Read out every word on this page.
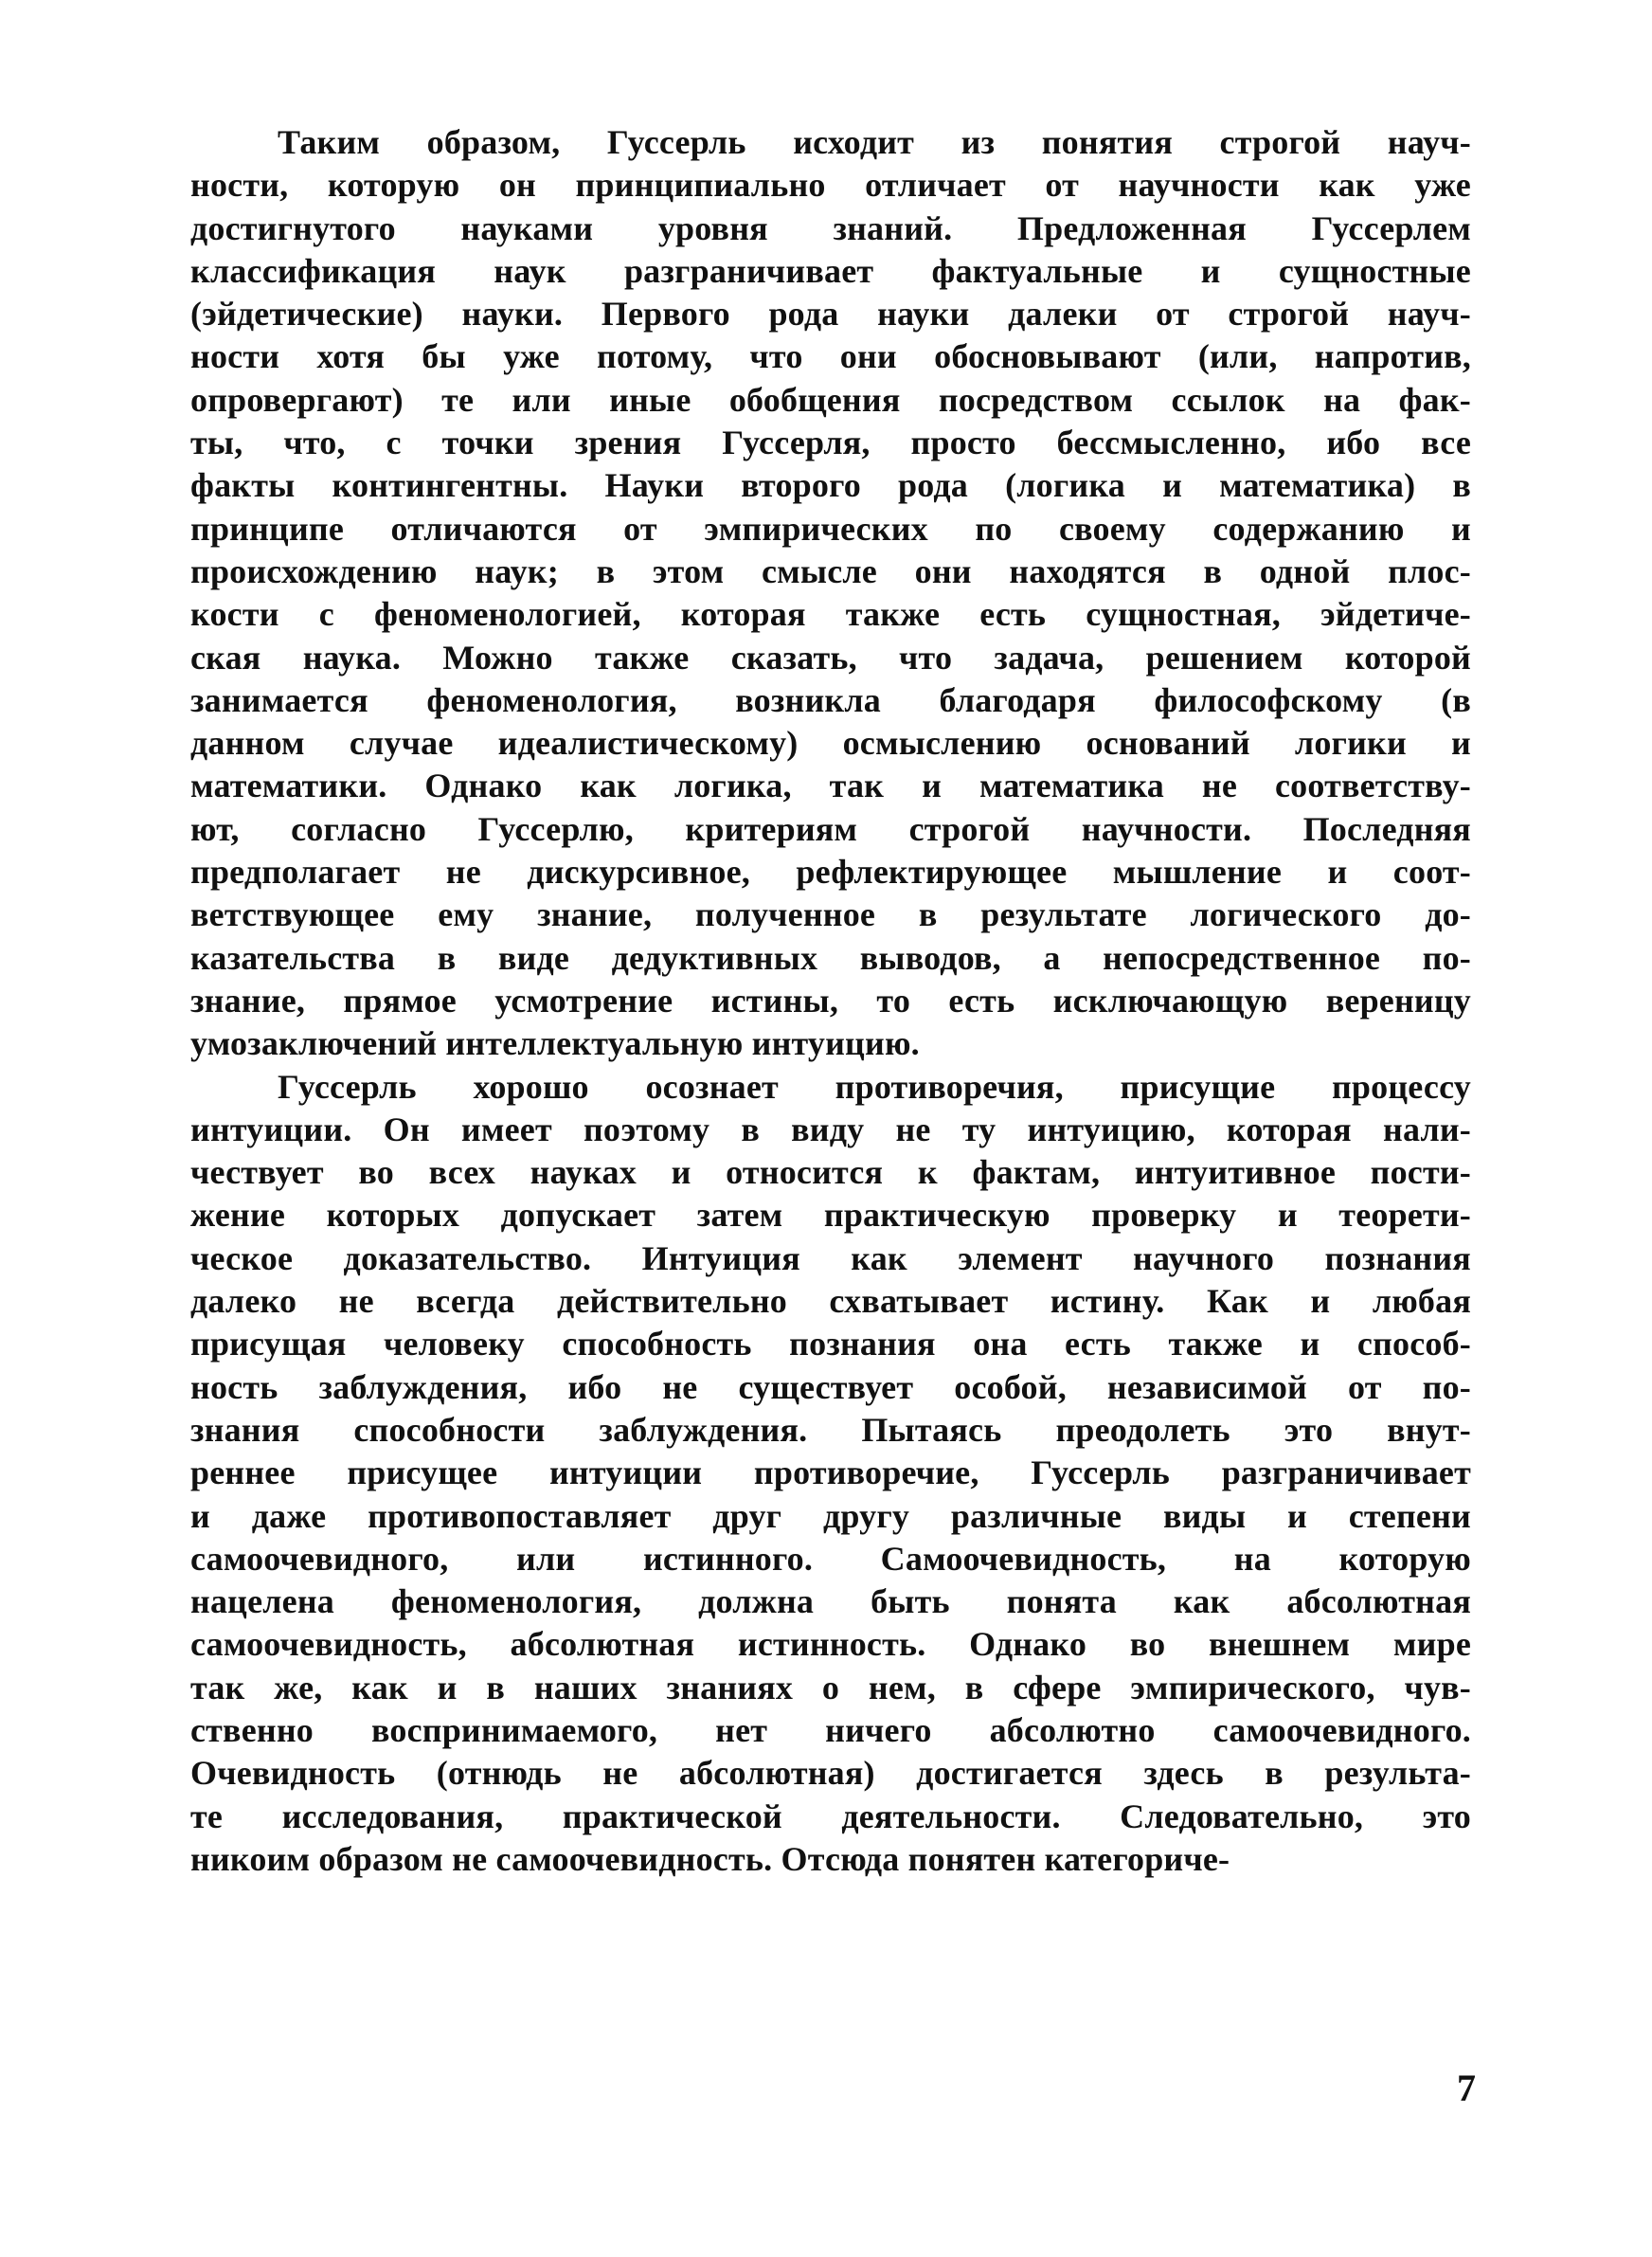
Таким образом, Гуссерль исходит из понятия строгой науч-
ности, которую он принципиально отличает от научности как уже
достигнутого науками уровня знаний. Предложенная Гуссерлем
классификация наук разграничивает фактуальные и сущностные
(эйдетические) науки. Первого рода науки далеки от строгой науч-
ности хотя бы уже потому, что они обосновывают (или, напротив,
опровергают) те или иные обобщения посредством ссылок на фак-
ты, что, с точки зрения Гуссерля, просто бессмысленно, ибо все
факты контингентны. Науки второго рода (логика и математика) в
принципе отличаются от эмпирических по своему содержанию и
происхождению наук; в этом смысле они находятся в одной плос-
кости с феноменологией, которая также есть сущностная, эйдетиче-
ская наука. Можно также сказать, что задача, решением которой
занимается феноменология, возникла благодаря философскому (в
данном случае идеалистическому) осмыслению оснований логики и
математики. Однако как логика, так и математика не соответству-
ют, согласно Гуссерлю, критериям строгой научности. Последняя
предполагает не дискурсивное, рефлектирующее мышление и соот-
ветствующее ему знание, полученное в результате логического до-
казательства в виде дедуктивных выводов, а непосредственное по-
знание, прямое усмотрение истины, то есть исключающую вереницу
умозаключений интеллектуальную интуицию.
Гуссерль хорошо осознает противоречия, присущие процессу
интуиции. Он имеет поэтому в виду не ту интуицию, которая нали-
чествует во всех науках и относится к фактам, интуитивное пости-
жение которых допускает затем практическую проверку и теорети-
ческое доказательство. Интуиция как элемент научного познания
далеко не всегда действительно схватывает истину. Как и любая
присущая человеку способность познания она есть также и способ-
ность заблуждения, ибо не существует особой, независимой от по-
знания способности заблуждения. Пытаясь преодолеть это внут-
реннее присущее интуиции противоречие, Гуссерль разграничивает
и даже противопоставляет друг другу различные виды и степени
самоочевидного, или истинного. Самоочевидность, на которую
нацелена феноменология, должна быть понята как абсолютная
самоочевидность, абсолютная истинность. Однако во внешнем мире
так же, как и в наших знаниях о нем, в сфере эмпирического, чув-
ственно воспринимаемого, нет ничего абсолютно самоочевидного.
Очевидность (отнюдь не абсолютная) достигается здесь в результа-
те исследования, практической деятельности. Следовательно, это
никоим образом не самоочевидность. Отсюда понятен категориче-
7
